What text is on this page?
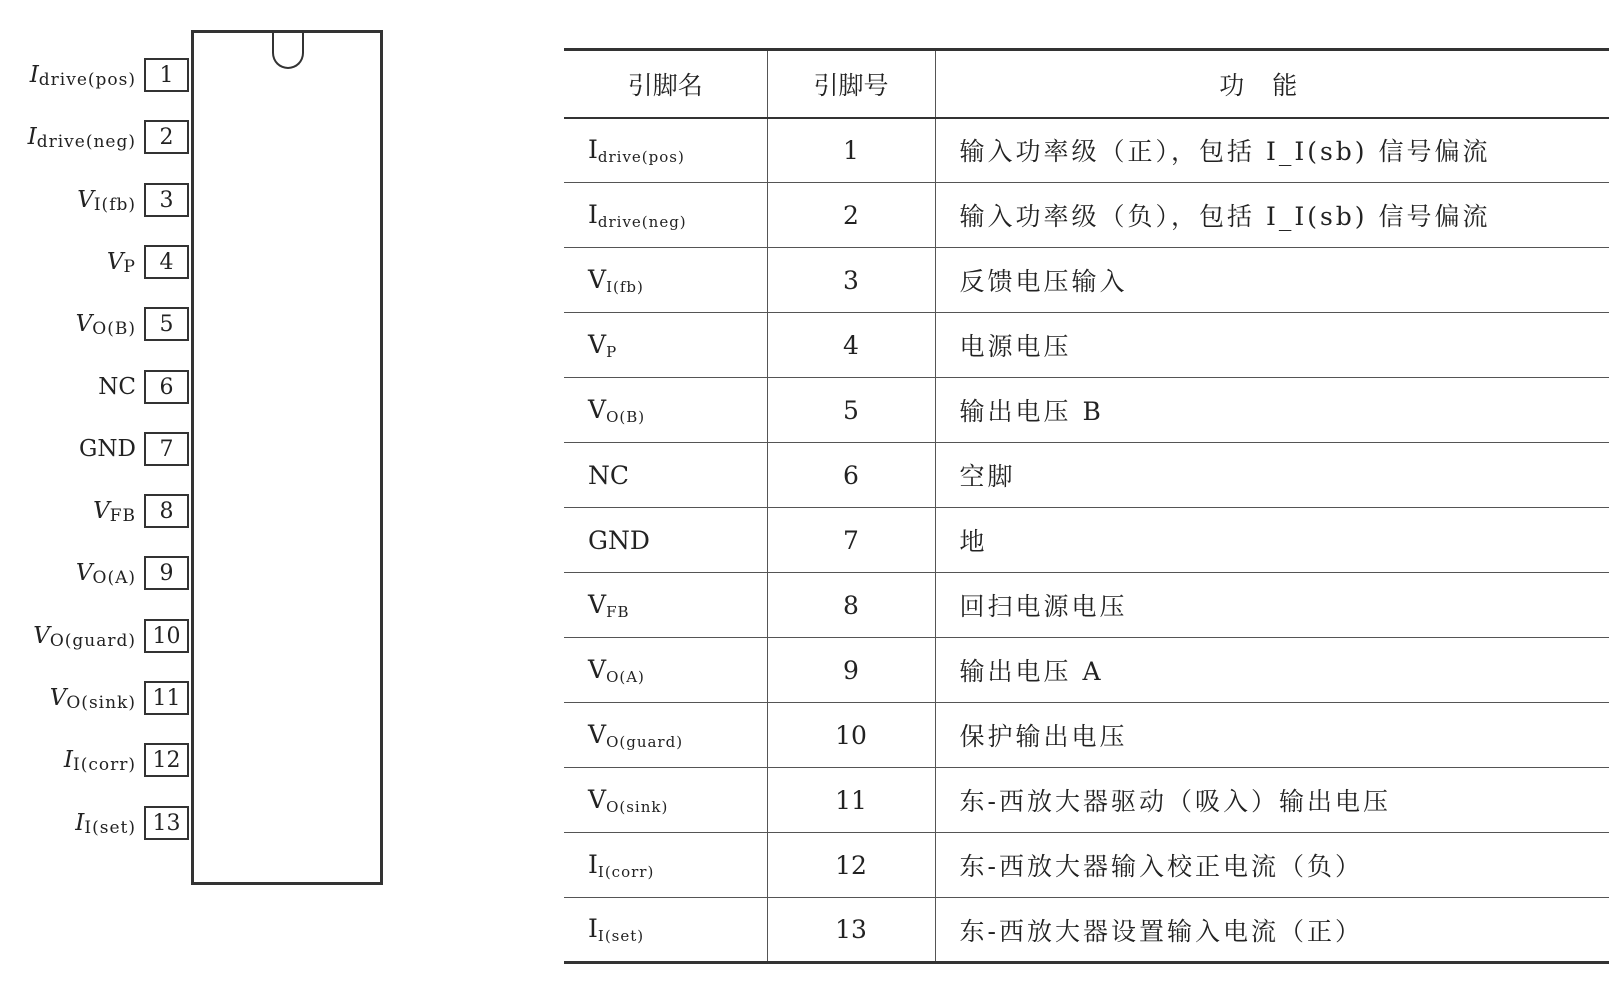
$I_{drive(pos)}$	1
$I_{drive(neg)}$	2
$V_{I(fb)}$	3
$V_P$	4
$V_{O(B)}$	5
NC	6
GND	7
$V_{FB}$	8
$V_{O(A)}$	9
$V_{O(guard)}$ 10
$V_{O(sink)}$ 11
$I_{I(corr)}$ 12
$I_{I(set)}$ 13
引脚名	引脚号	功能
Idrive(pos)	1	输入功率级（正），包括 I_I(sb) 信号偏流
Idrive(neg)	2	输入功率级（负），包括 I_I(sb) 信号偏流
VI(fb)	3	反馈电压输入
VP	4	电源电压
VO(B)	5	输出电压 B
NC	6	空脚
GND	7	地
VFB	8	回扫电源电压
VO(A)	9	输出电压 A
VO(guard)	10	保护输出电压
VO(sink)	11	东-西放大器驱动（吸入）输出电压
II(corr)	12	东-西放大器输入校正电流（负）
II(set)	13	东-西放大器设置输入电流（正）
